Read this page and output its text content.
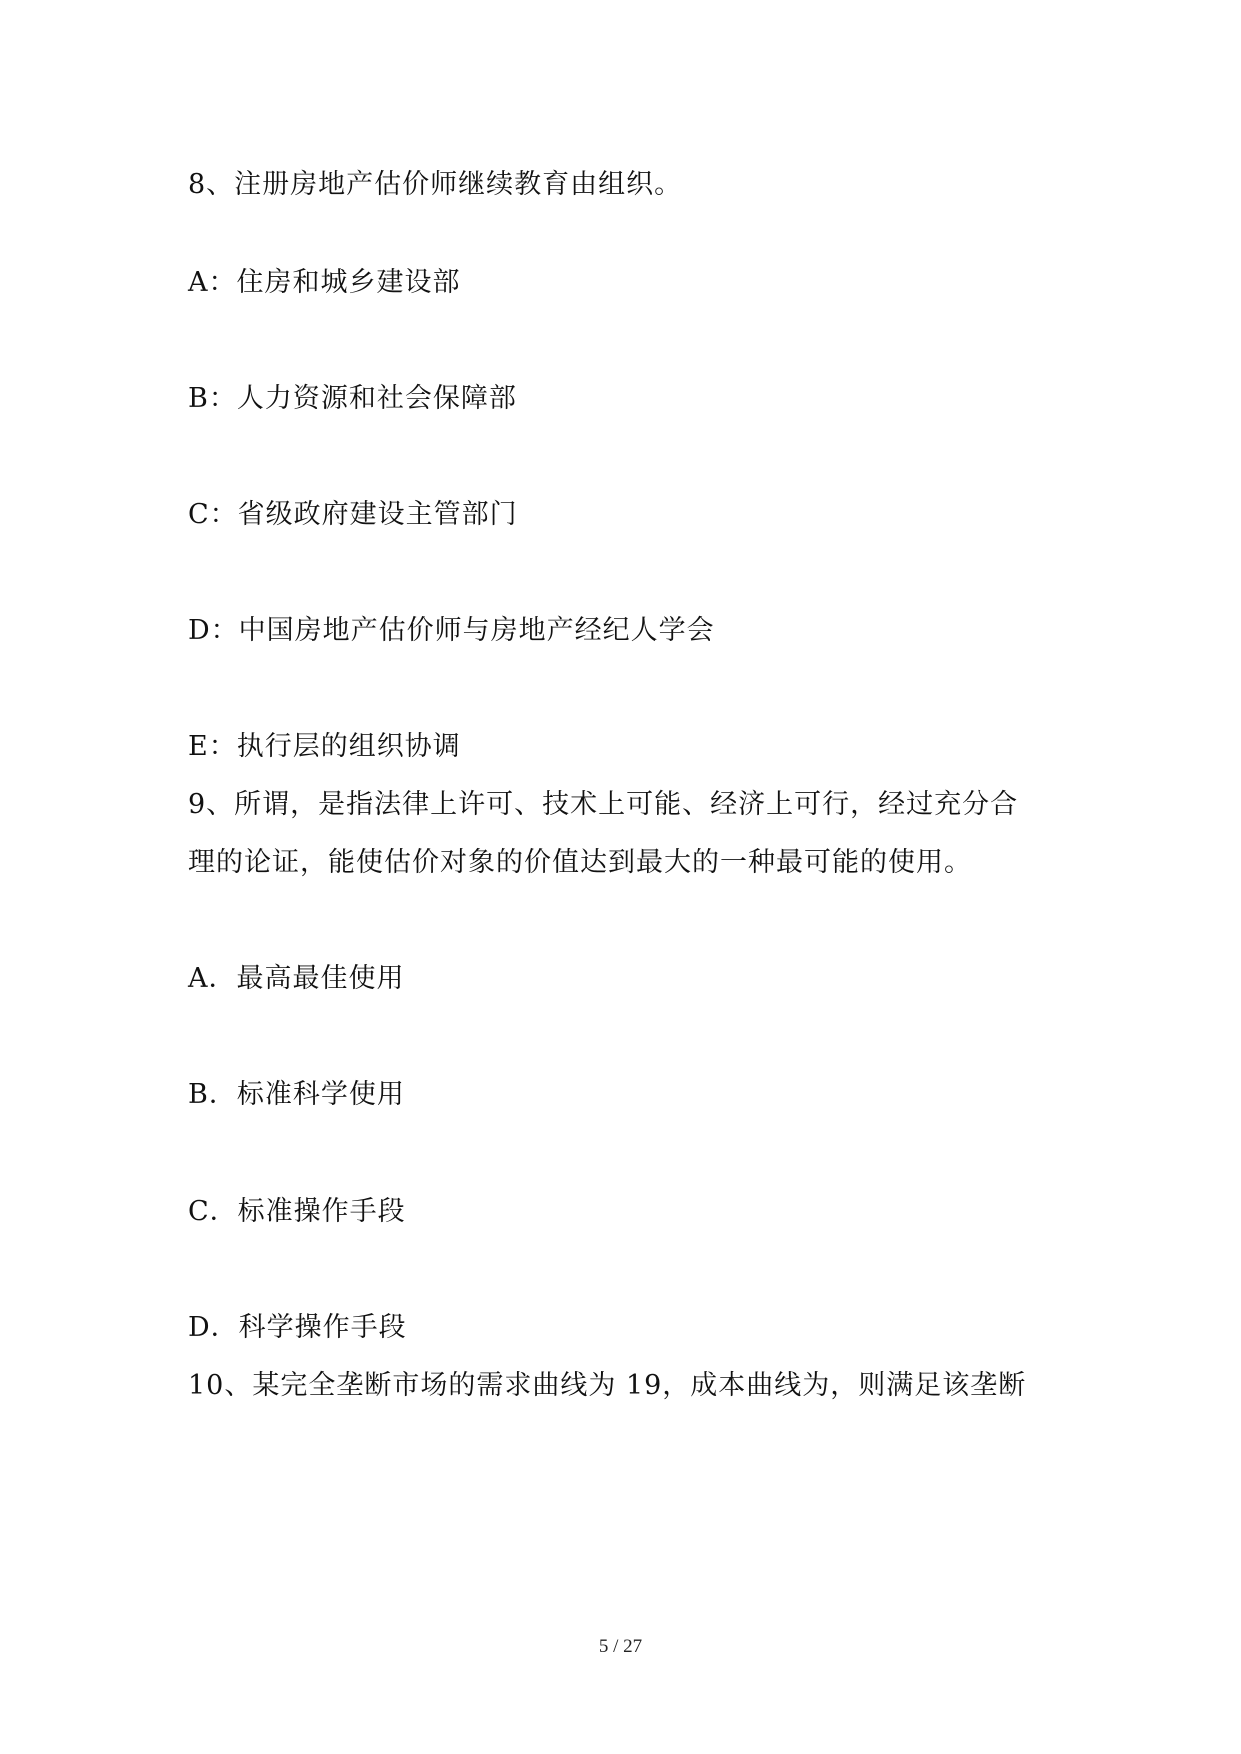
8、注册房地产估价师继续教育由组织。
A：住房和城乡建设部
B：人力资源和社会保障部
C：省级政府建设主管部门
D：中国房地产估价师与房地产经纪人学会
E：执行层的组织协调
9、所谓，是指法律上许可、技术上可能、经济上可行，经过充分合
理的论证，能使估价对象的价值达到最大的一种最可能的使用。
A．最高最佳使用
B．标准科学使用
C．标准操作手段
D．科学操作手段
10、某完全垄断市场的需求曲线为 19，成本曲线为，则满足该垄断
5 / 27
